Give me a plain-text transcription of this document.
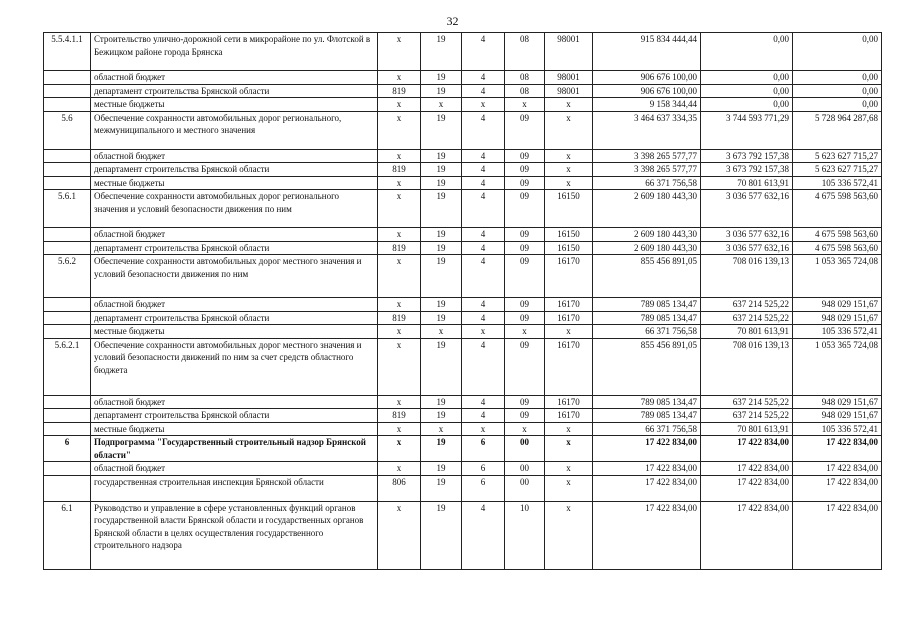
32
5.5.4.1.1	Строительство улично-дорожной сети в микрорайоне по ул. Флотской в Бежицком районе города Брянска	х	19	4	08	98001	915 834 444,44	0,00	0,00
	областной бюджет	х	19	4	08	98001	906 676 100,00	0,00	0,00
	департамент строительства Брянской области	819	19	4	08	98001	906 676 100,00	0,00	0,00
	местные бюджеты	х	х	х	х	х	9 158 344,44	0,00	0,00
5.6	Обеспечение сохранности автомобильных дорог регионального, межмуниципального и местного значения	х	19	4	09	х	3 464 637 334,35	3 744 593 771,29	5 728 964 287,68
	областной бюджет	х	19	4	09	х	3 398 265 577,77	3 673 792 157,38	5 623 627 715,27
	департамент строительства Брянской области	819	19	4	09	х	3 398 265 577,77	3 673 792 157,38	5 623 627 715,27
	местные бюджеты	х	19	4	09	х	66 371 756,58	70 801 613,91	105 336 572,41
5.6.1	Обеспечение сохранности автомобильных дорог регионального значения и условий безопасности движения по ним	х	19	4	09	16150	2 609 180 443,30	3 036 577 632,16	4 675 598 563,60
	областной бюджет	х	19	4	09	16150	2 609 180 443,30	3 036 577 632,16	4 675 598 563,60
	департамент строительства Брянской области	819	19	4	09	16150	2 609 180 443,30	3 036 577 632,16	4 675 598 563,60
5.6.2	Обеспечение сохранности автомобильных дорог местного значения и условий безопасности движения по ним	х	19	4	09	16170	855 456 891,05	708 016 139,13	1 053 365 724,08
	областной бюджет	х	19	4	09	16170	789 085 134,47	637 214 525,22	948 029 151,67
	департамент строительства Брянской области	819	19	4	09	16170	789 085 134,47	637 214 525,22	948 029 151,67
	местные бюджеты	х	х	х	х	х	66 371 756,58	70 801 613,91	105 336 572,41
5.6.2.1	Обеспечение сохранности автомобильных дорог местного значения и условий безопасности движений по ним за счет средств областного бюджета	х	19	4	09	16170	855 456 891,05	708 016 139,13	1 053 365 724,08
	областной бюджет	х	19	4	09	16170	789 085 134,47	637 214 525,22	948 029 151,67
	департамент строительства Брянской области	819	19	4	09	16170	789 085 134,47	637 214 525,22	948 029 151,67
	местные бюджеты	х	х	х	х	х	66 371 756,58	70 801 613,91	105 336 572,41
6	Подпрограмма "Государственный строительный надзор Брянской области"	х	19	6	00	х	17 422 834,00	17 422 834,00	17 422 834,00
	областной бюджет	х	19	6	00	х	17 422 834,00	17 422 834,00	17 422 834,00
	государственная строительная инспекция Брянской области	806	19	6	00	х	17 422 834,00	17 422 834,00	17 422 834,00
6.1	Руководство и управление в сфере установленных функций органов государственной власти Брянской области и государственных органов Брянской области в целях осуществления государственного строительного надзора	х	19	4	10	х	17 422 834,00	17 422 834,00	17 422 834,00
